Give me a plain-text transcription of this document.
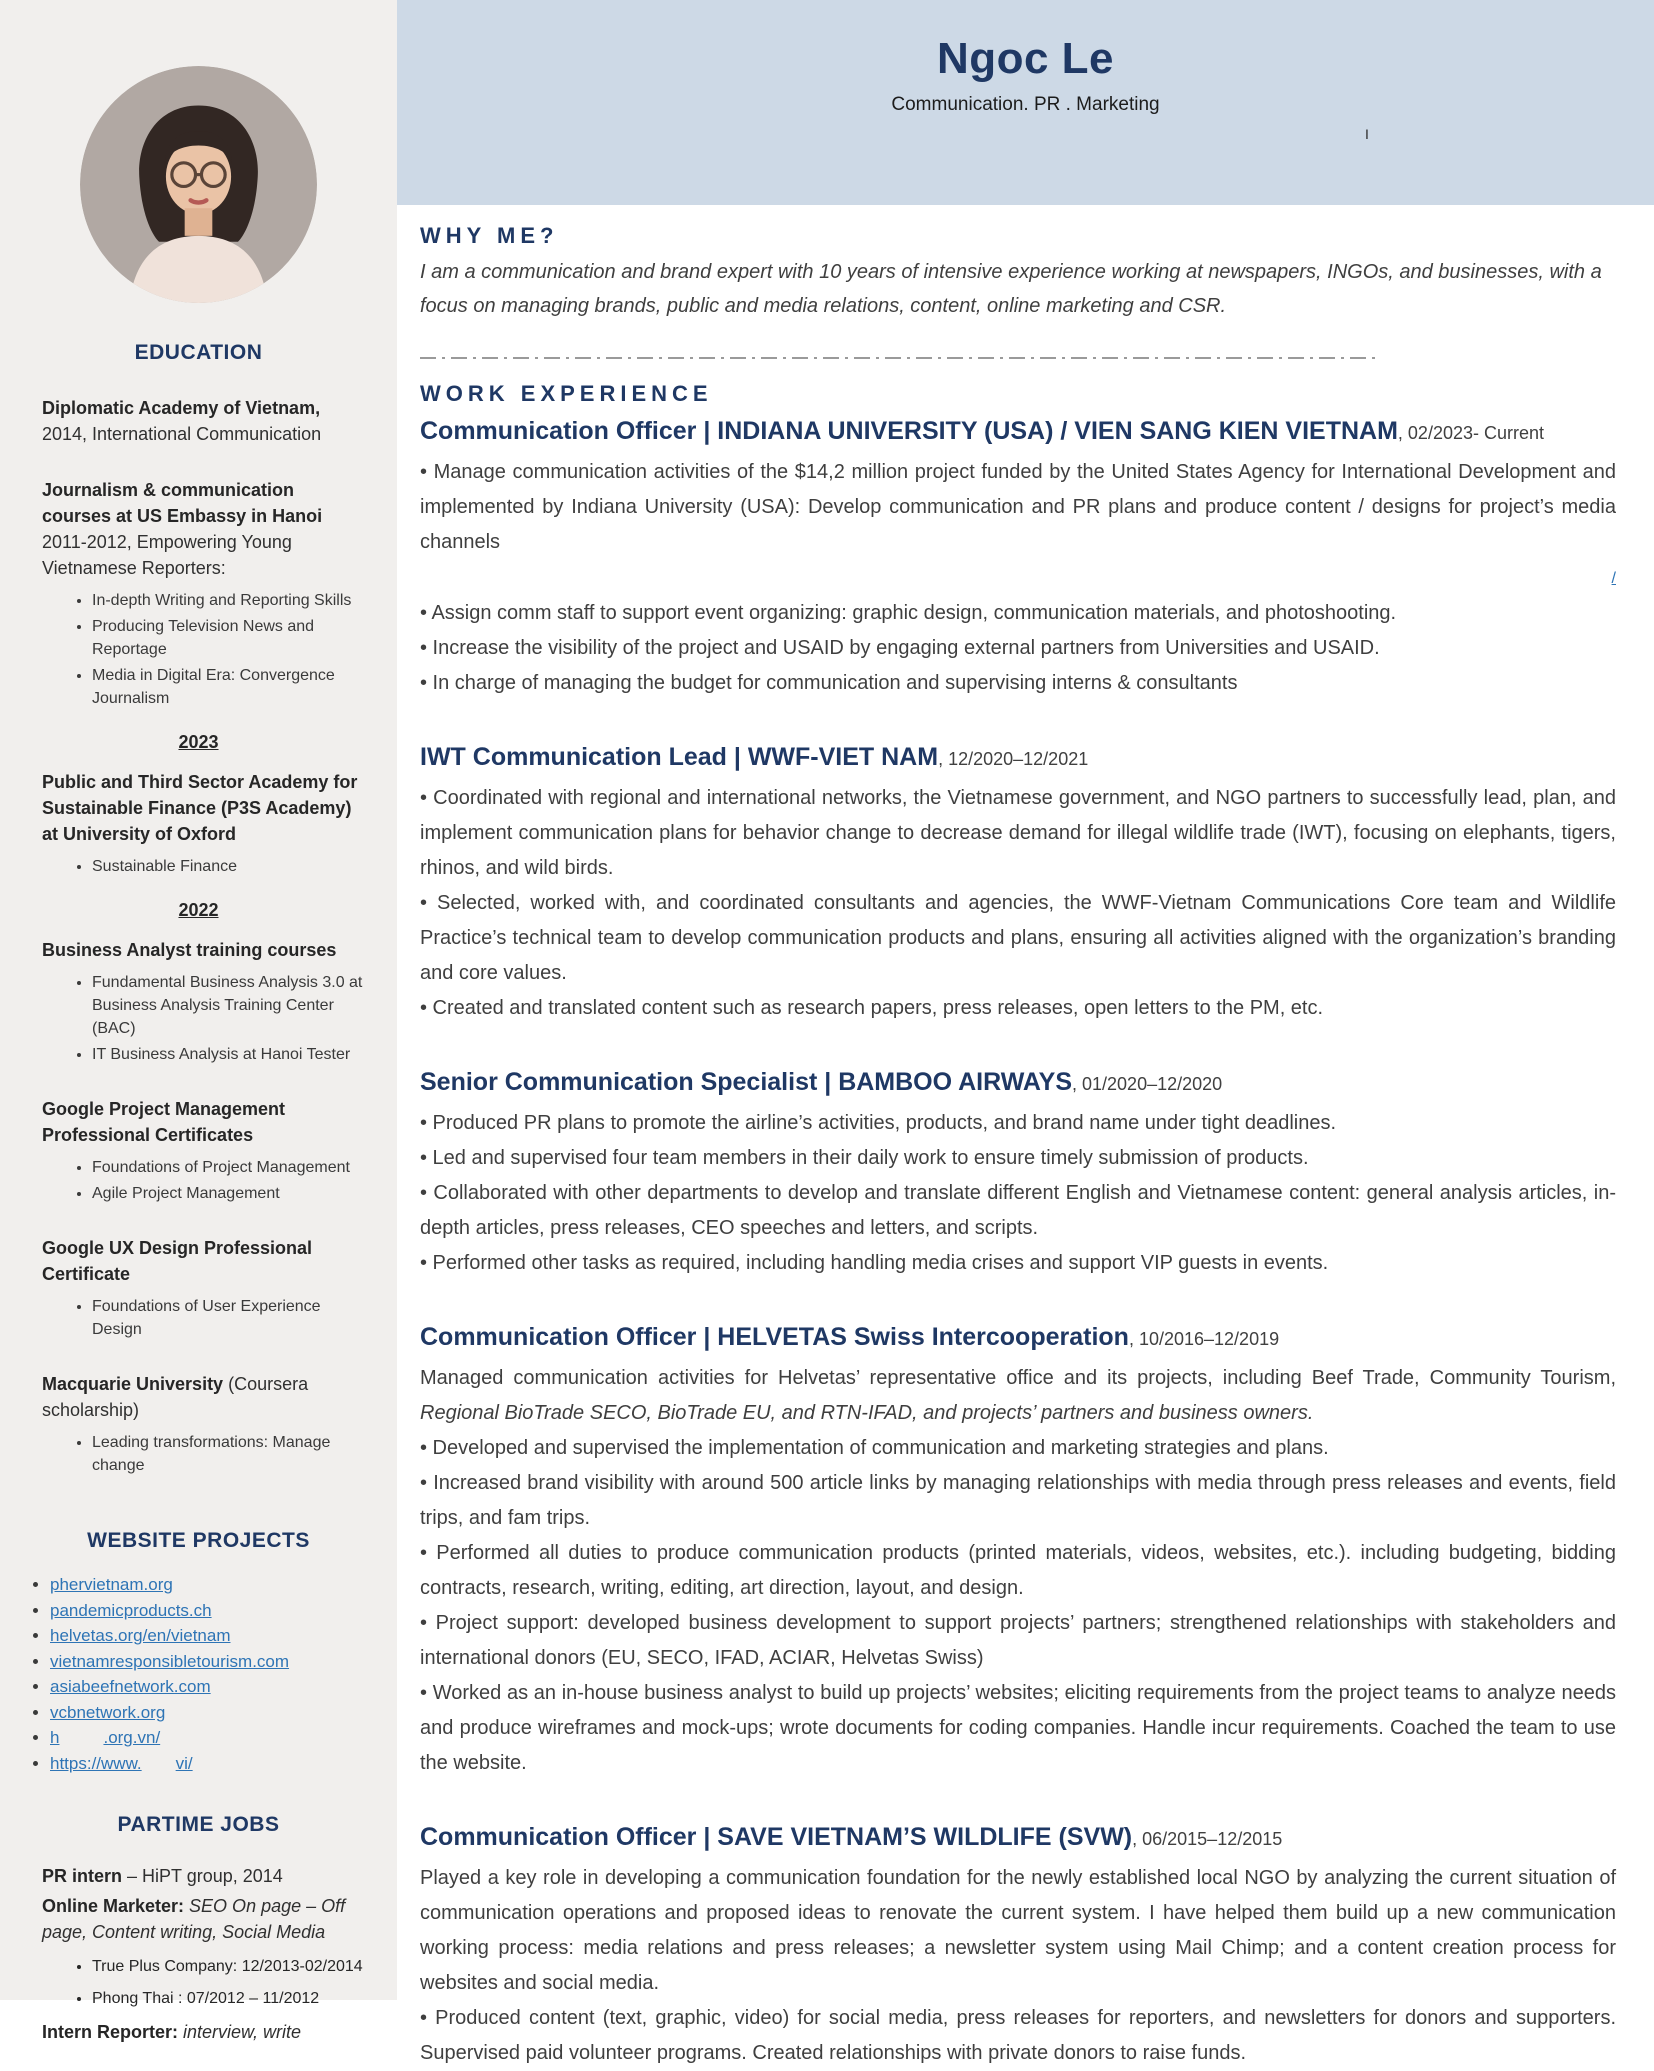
EDUCATION
Diplomatic Academy of Vietnam,
2014, International Communication
Journalism & communication courses at US Embassy in Hanoi
2011-2012, Empowering Young Vietnamese Reporters:
• In-depth Writing and Reporting Skills
• Producing Television News and Reportage
• Media in Digital Era: Convergence Journalism
2023
Public and Third Sector Academy for Sustainable Finance (P3S Academy) at University of Oxford
• Sustainable Finance
2022
Business Analyst training courses
• Fundamental Business Analysis 3.0 at Business Analysis Training Center (BAC)
• IT Business Analysis at Hanoi Tester
Google Project Management Professional Certificates
• Foundations of Project Management
• Agile Project Management
Google UX Design Professional Certificate
• Foundations of User Experience Design
Macquarie University (Coursera scholarship)
• Leading transformations: Manage change
WEBSITE PROJECTS
• phervietnam.org
• pandemicproducts.ch
• helvetas.org/en/vietnam
• vietnamresponsibletourism.com
• asiabeefnetwork.com
• vcbnetwork.org
• h	.org.vn/
• https://www. vi/
PARTIME JOBS
PR intern – HiPT group, 2014
Online Marketer: SEO On page – Off page, Content writing, Social Media
• True Plus Company: 12/2013-02/2014
• Phong Thai : 07/2012 – 11/2012
Intern Reporter: interview, write
Ngoc Le
Communication. PR . Marketing
I
WHY ME?

I am a communication and brand expert with 10 years of intensive experience working at newspapers, INGOs, and businesses, with a focus on managing brands, public and media relations, content, online marketing and CSR.

WORK EXPERIENCE
Communication Officer | INDIANA UNIVERSITY (USA) / VIEN SANG KIEN VIETNAM, 02/2023- Current

• Manage communication activities of the $14,2 million project funded by the United States Agency for International Development and implemented by Indiana University (USA): Develop communication and PR plans and produce content / designs for project’s media channels

/

• Assign comm staff to support event organizing: graphic design, communication materials, and photoshooting.

• Increase the visibility of the project and USAID by engaging external partners from Universities and USAID.

• In charge of managing the budget for communication and supervising interns & consultants

IWT Communication Lead | WWF-VIET NAM, 12/2020–12/2021

• Coordinated with regional and international networks, the Vietnamese government, and NGO partners to successfully lead, plan, and implement communication plans for behavior change to decrease demand for illegal wildlife trade (IWT), focusing on elephants, tigers, rhinos, and wild birds.

• Selected, worked with, and coordinated consultants and agencies, the WWF-Vietnam Communications Core team and Wildlife Practice’s technical team to develop communication products and plans, ensuring all activities aligned with the organization’s branding and core values.

• Created and translated content such as research papers, press releases, open letters to the PM, etc.

Senior Communication Specialist | BAMBOO AIRWAYS, 01/2020–12/2020

• Produced PR plans to promote the airline’s activities, products, and brand name under tight deadlines.

• Led and supervised four team members in their daily work to ensure timely submission of products.

• Collaborated with other departments to develop and translate different English and Vietnamese content: general analysis articles, in-depth articles, press releases, CEO speeches and letters, and scripts.

• Performed other tasks as required, including handling media crises and support VIP guests in events.

Communication Officer | HELVETAS Swiss Intercooperation, 10/2016–12/2019

Managed communication activities for Helvetas’ representative office and its projects, including Beef Trade, Community Tourism, Regional BioTrade SECO, BioTrade EU, and RTN-IFAD, and projects’ partners and business owners.

• Developed and supervised the implementation of communication and marketing strategies and plans.

• Increased brand visibility with around 500 article links by managing relationships with media through press releases and events, field trips, and fam trips.

• Performed all duties to produce communication products (printed materials, videos, websites, etc.). including budgeting, bidding contracts, research, writing, editing, art direction, layout, and design.

• Project support: developed business development to support projects’ partners; strengthened relationships with stakeholders and international donors (EU, SECO, IFAD, ACIAR, Helvetas Swiss)

• Worked as an in-house business analyst to build up projects’ websites; eliciting requirements from the project teams to analyze needs and produce wireframes and mock-ups; wrote documents for coding companies. Handle incur requirements. Coached the team to use the website.

Communication Officer | SAVE VIETNAM’S WILDLIFE (SVW), 06/2015–12/2015

Played a key role in developing a communication foundation for the newly established local NGO by analyzing the current situation of communication operations and proposed ideas to renovate the current system. I have helped them build up a new communication working process: media relations and press releases; a newsletter system using Mail Chimp; and a content creation process for websites and social media.

• Produced content (text, graphic, video) for social media, press releases for reporters, and newsletters for donors and supporters. Supervised paid volunteer programs. Created relationships with private donors to raise funds.
